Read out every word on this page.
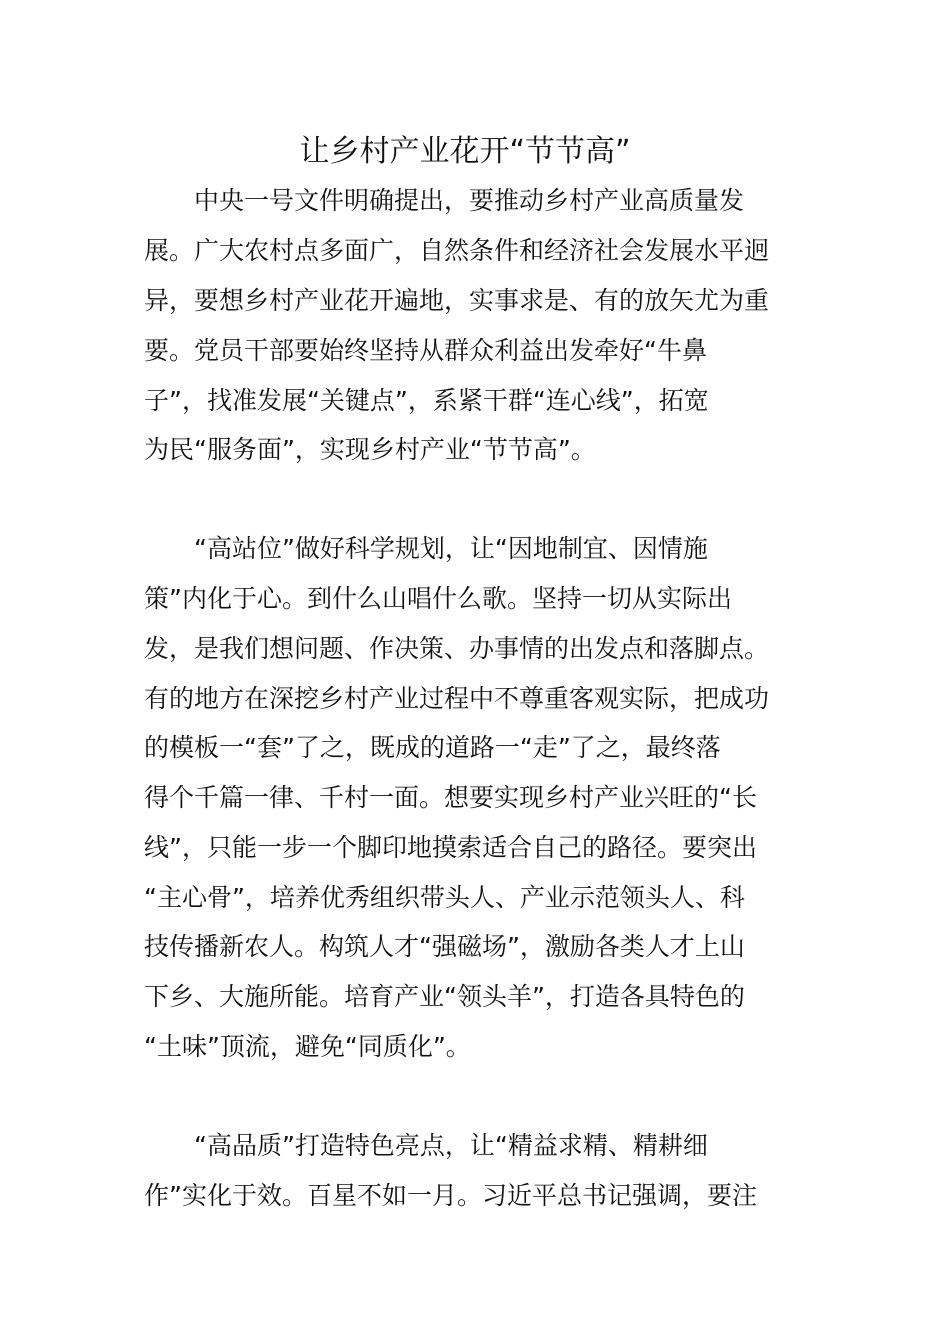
让乡村产业花开“节节高”

　　中央一号文件明确提出，要推动乡村产业高质量发

展。广大农村点多面广，自然条件和经济社会发展水平迥

异，要想乡村产业花开遍地，实事求是、有的放矢尤为重

要。党员干部要始终坚持从群众利益出发牵好“牛鼻

子”，找准发展“关键点”，系紧干群“连心线”，拓宽

为民“服务面”，实现乡村产业“节节高”。

　　“高站位”做好科学规划，让“因地制宜、因情施

策”内化于心。到什么山唱什么歌。坚持一切从实际出

发，是我们想问题、作决策、办事情的出发点和落脚点。

有的地方在深挖乡村产业过程中不尊重客观实际，把成功

的模板一“套”了之，既成的道路一“走”了之，最终落

得个千篇一律、千村一面。想要实现乡村产业兴旺的“长

线”，只能一步一个脚印地摸索适合自己的路径。要突出

“主心骨”，培养优秀组织带头人、产业示范领头人、科

技传播新农人。构筑人才“强磁场”，激励各类人才上山

下乡、大施所能。培育产业“领头羊”，打造各具特色的

“土味”顶流，避免“同质化”。

　　“高品质”打造特色亮点，让“精益求精、精耕细

作”实化于效。百星不如一月。习近平总书记强调，要注
